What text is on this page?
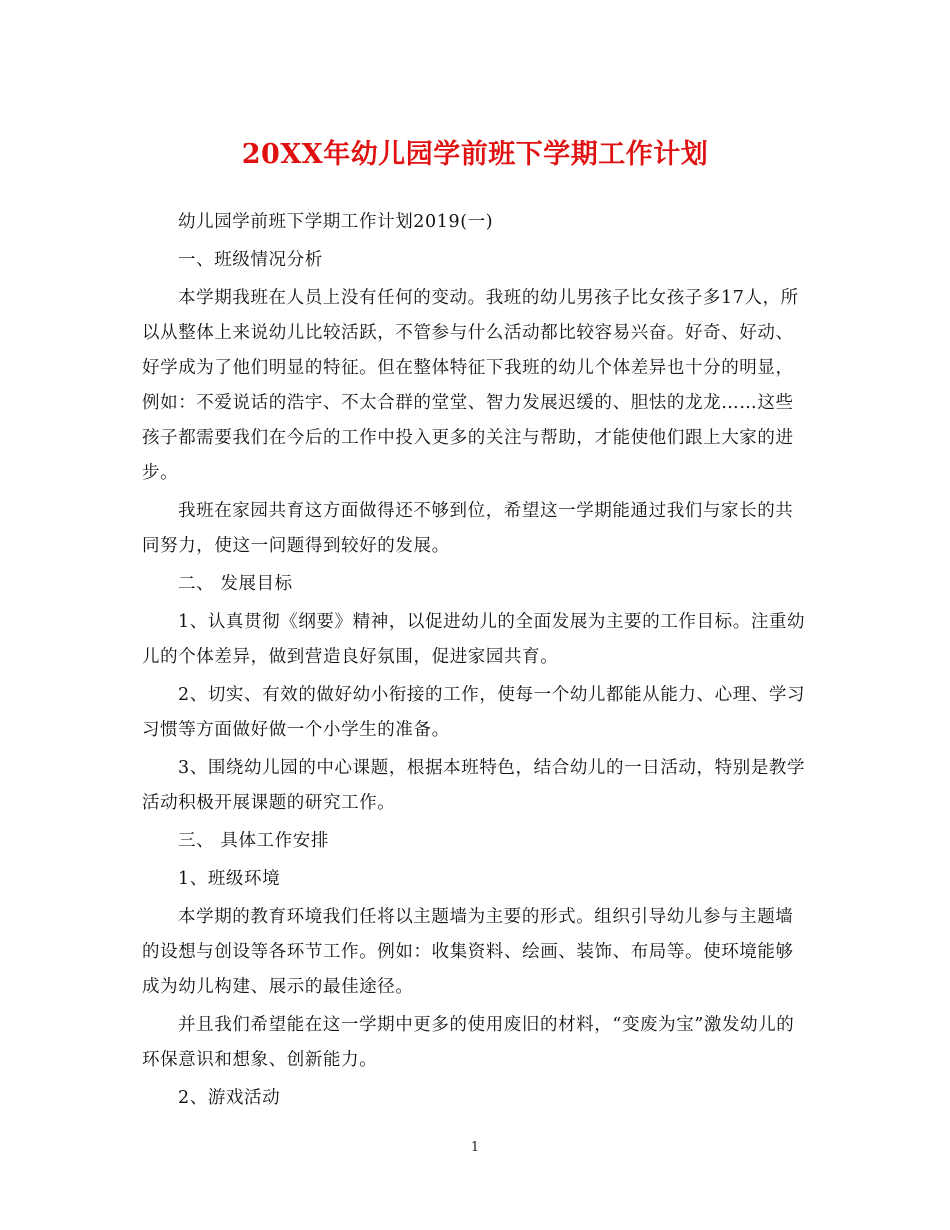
20XX年幼儿园学前班下学期工作计划

幼儿园学前班下学期工作计划2019(一)

一、班级情况分析

本学期我班在人员上没有任何的变动。我班的幼儿男孩子比女孩子多17人，所以从整体上来说幼儿比较活跃，不管参与什么活动都比较容易兴奋。好奇、好动、好学成为了他们明显的特征。但在整体特征下我班的幼儿个体差异也十分的明显，例如：不爱说话的浩宇、不太合群的堂堂、智力发展迟缓的、胆怯的龙龙……这些孩子都需要我们在今后的工作中投入更多的关注与帮助，才能使他们跟上大家的进步。

我班在家园共育这方面做得还不够到位，希望这一学期能通过我们与家长的共同努力，使这一问题得到较好的发展。

二、 发展目标

1、认真贯彻《纲要》精神，以促进幼儿的全面发展为主要的工作目标。注重幼儿的个体差异，做到营造良好氛围，促进家园共育。

2、切实、有效的做好幼小衔接的工作，使每一个幼儿都能从能力、心理、学习习惯等方面做好做一个小学生的准备。

3、围绕幼儿园的中心课题，根据本班特色，结合幼儿的一日活动，特别是教学活动积极开展课题的研究工作。

三、 具体工作安排

1、班级环境

本学期的教育环境我们任将以主题墙为主要的形式。组织引导幼儿参与主题墙的设想与创设等各环节工作。例如：收集资料、绘画、装饰、布局等。使环境能够成为幼儿构建、展示的最佳途径。

并且我们希望能在这一学期中更多的使用废旧的材料，“变废为宝”激发幼儿的环保意识和想象、创新能力。

2、游戏活动

1
